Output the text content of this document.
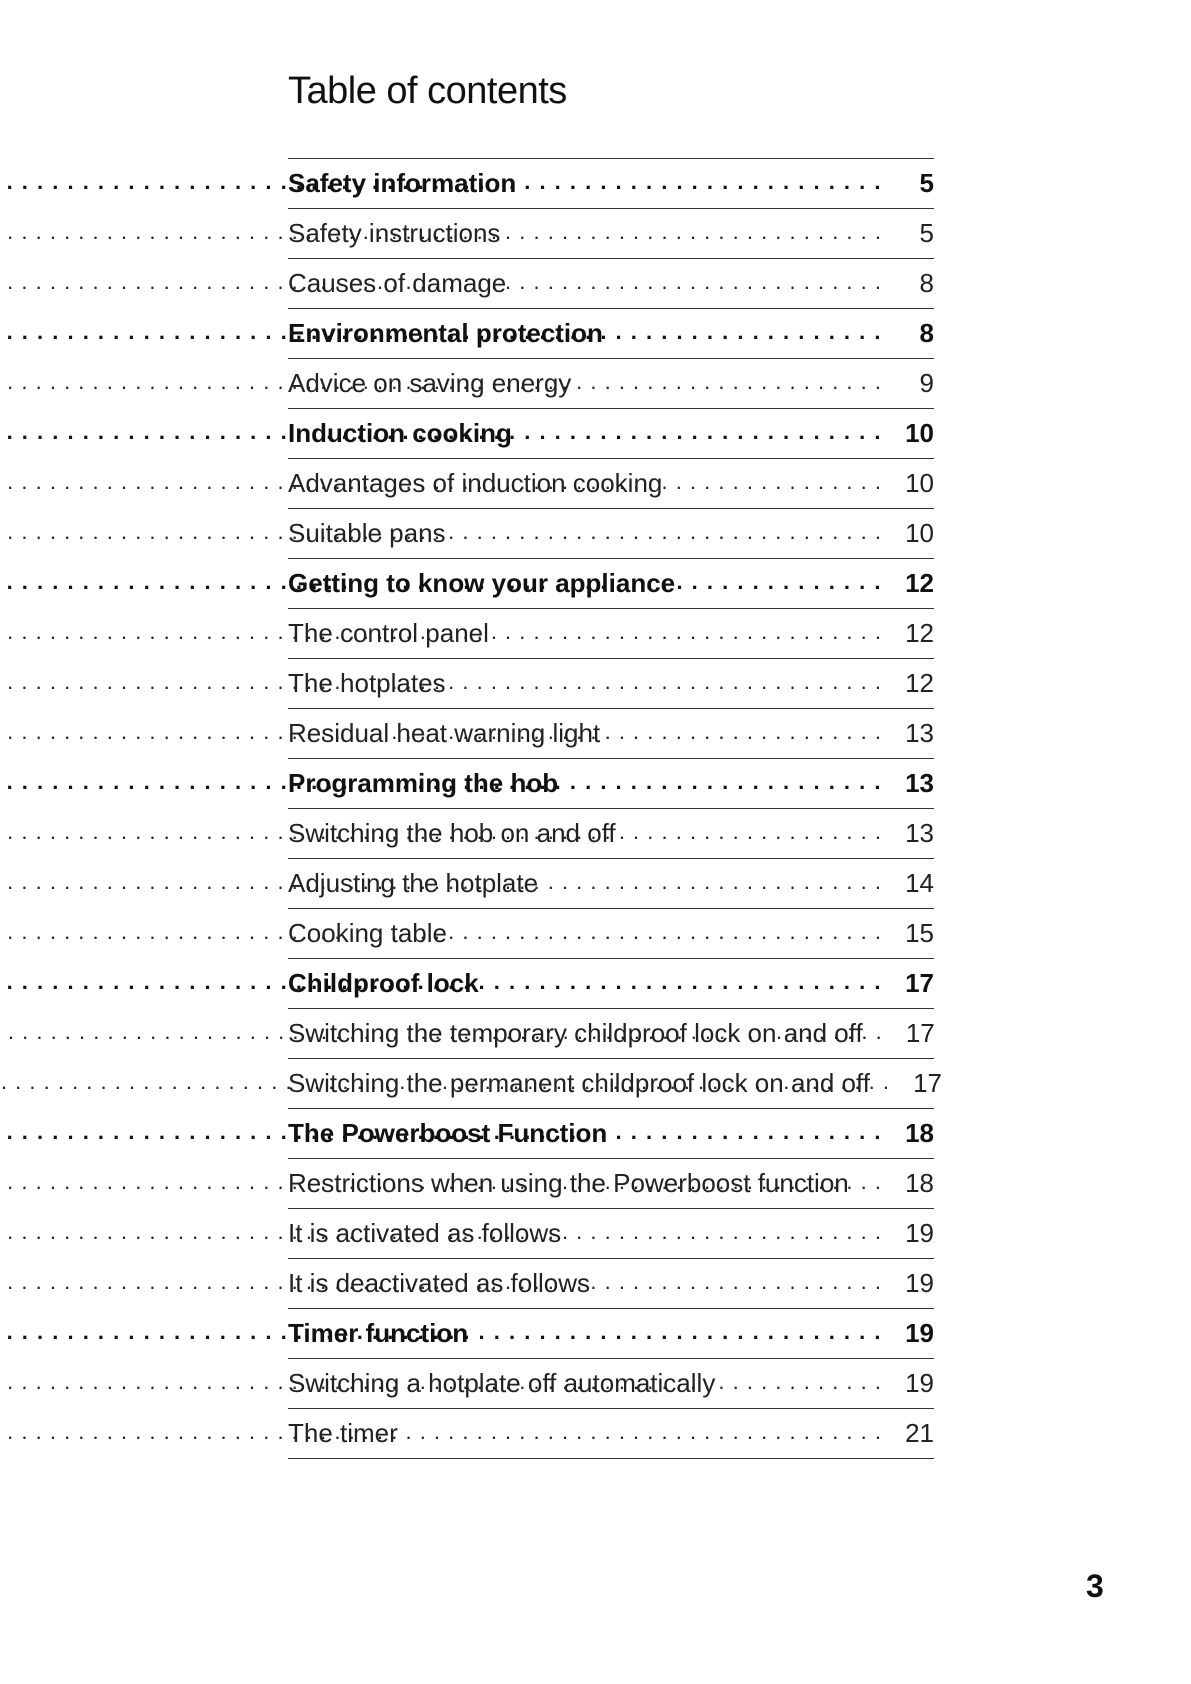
Table of contents
Safety information . . .	5
Safety instructions . . .	5
Causes of damage . . .	8
Environmental protection . . .	8
Advice on saving energy . . .	9
Induction cooking . . .	10
Advantages of induction cooking . . .	10
Suitable pans . . .	10
Getting to know your appliance . . .	12
The control panel . . .	12
The hotplates . . .	12
Residual heat warning light . . .	13
Programming the hob . . .	13
Switching the hob on and off . . .	13
Adjusting the hotplate . . .	14
Cooking table . . .	15
Childproof lock . . .	17
Switching the temporary childproof lock on and off . . .	17
Switching the permanent childproof lock on and off . . .	17
The Powerboost Function . . .	18
Restrictions when using the Powerboost function . . .	18
It is activated as follows . . .	19
It is deactivated as follows . . .	19
Timer function . . .	19
Switching a hotplate off automatically . . .	19
The timer . . .	21
3
